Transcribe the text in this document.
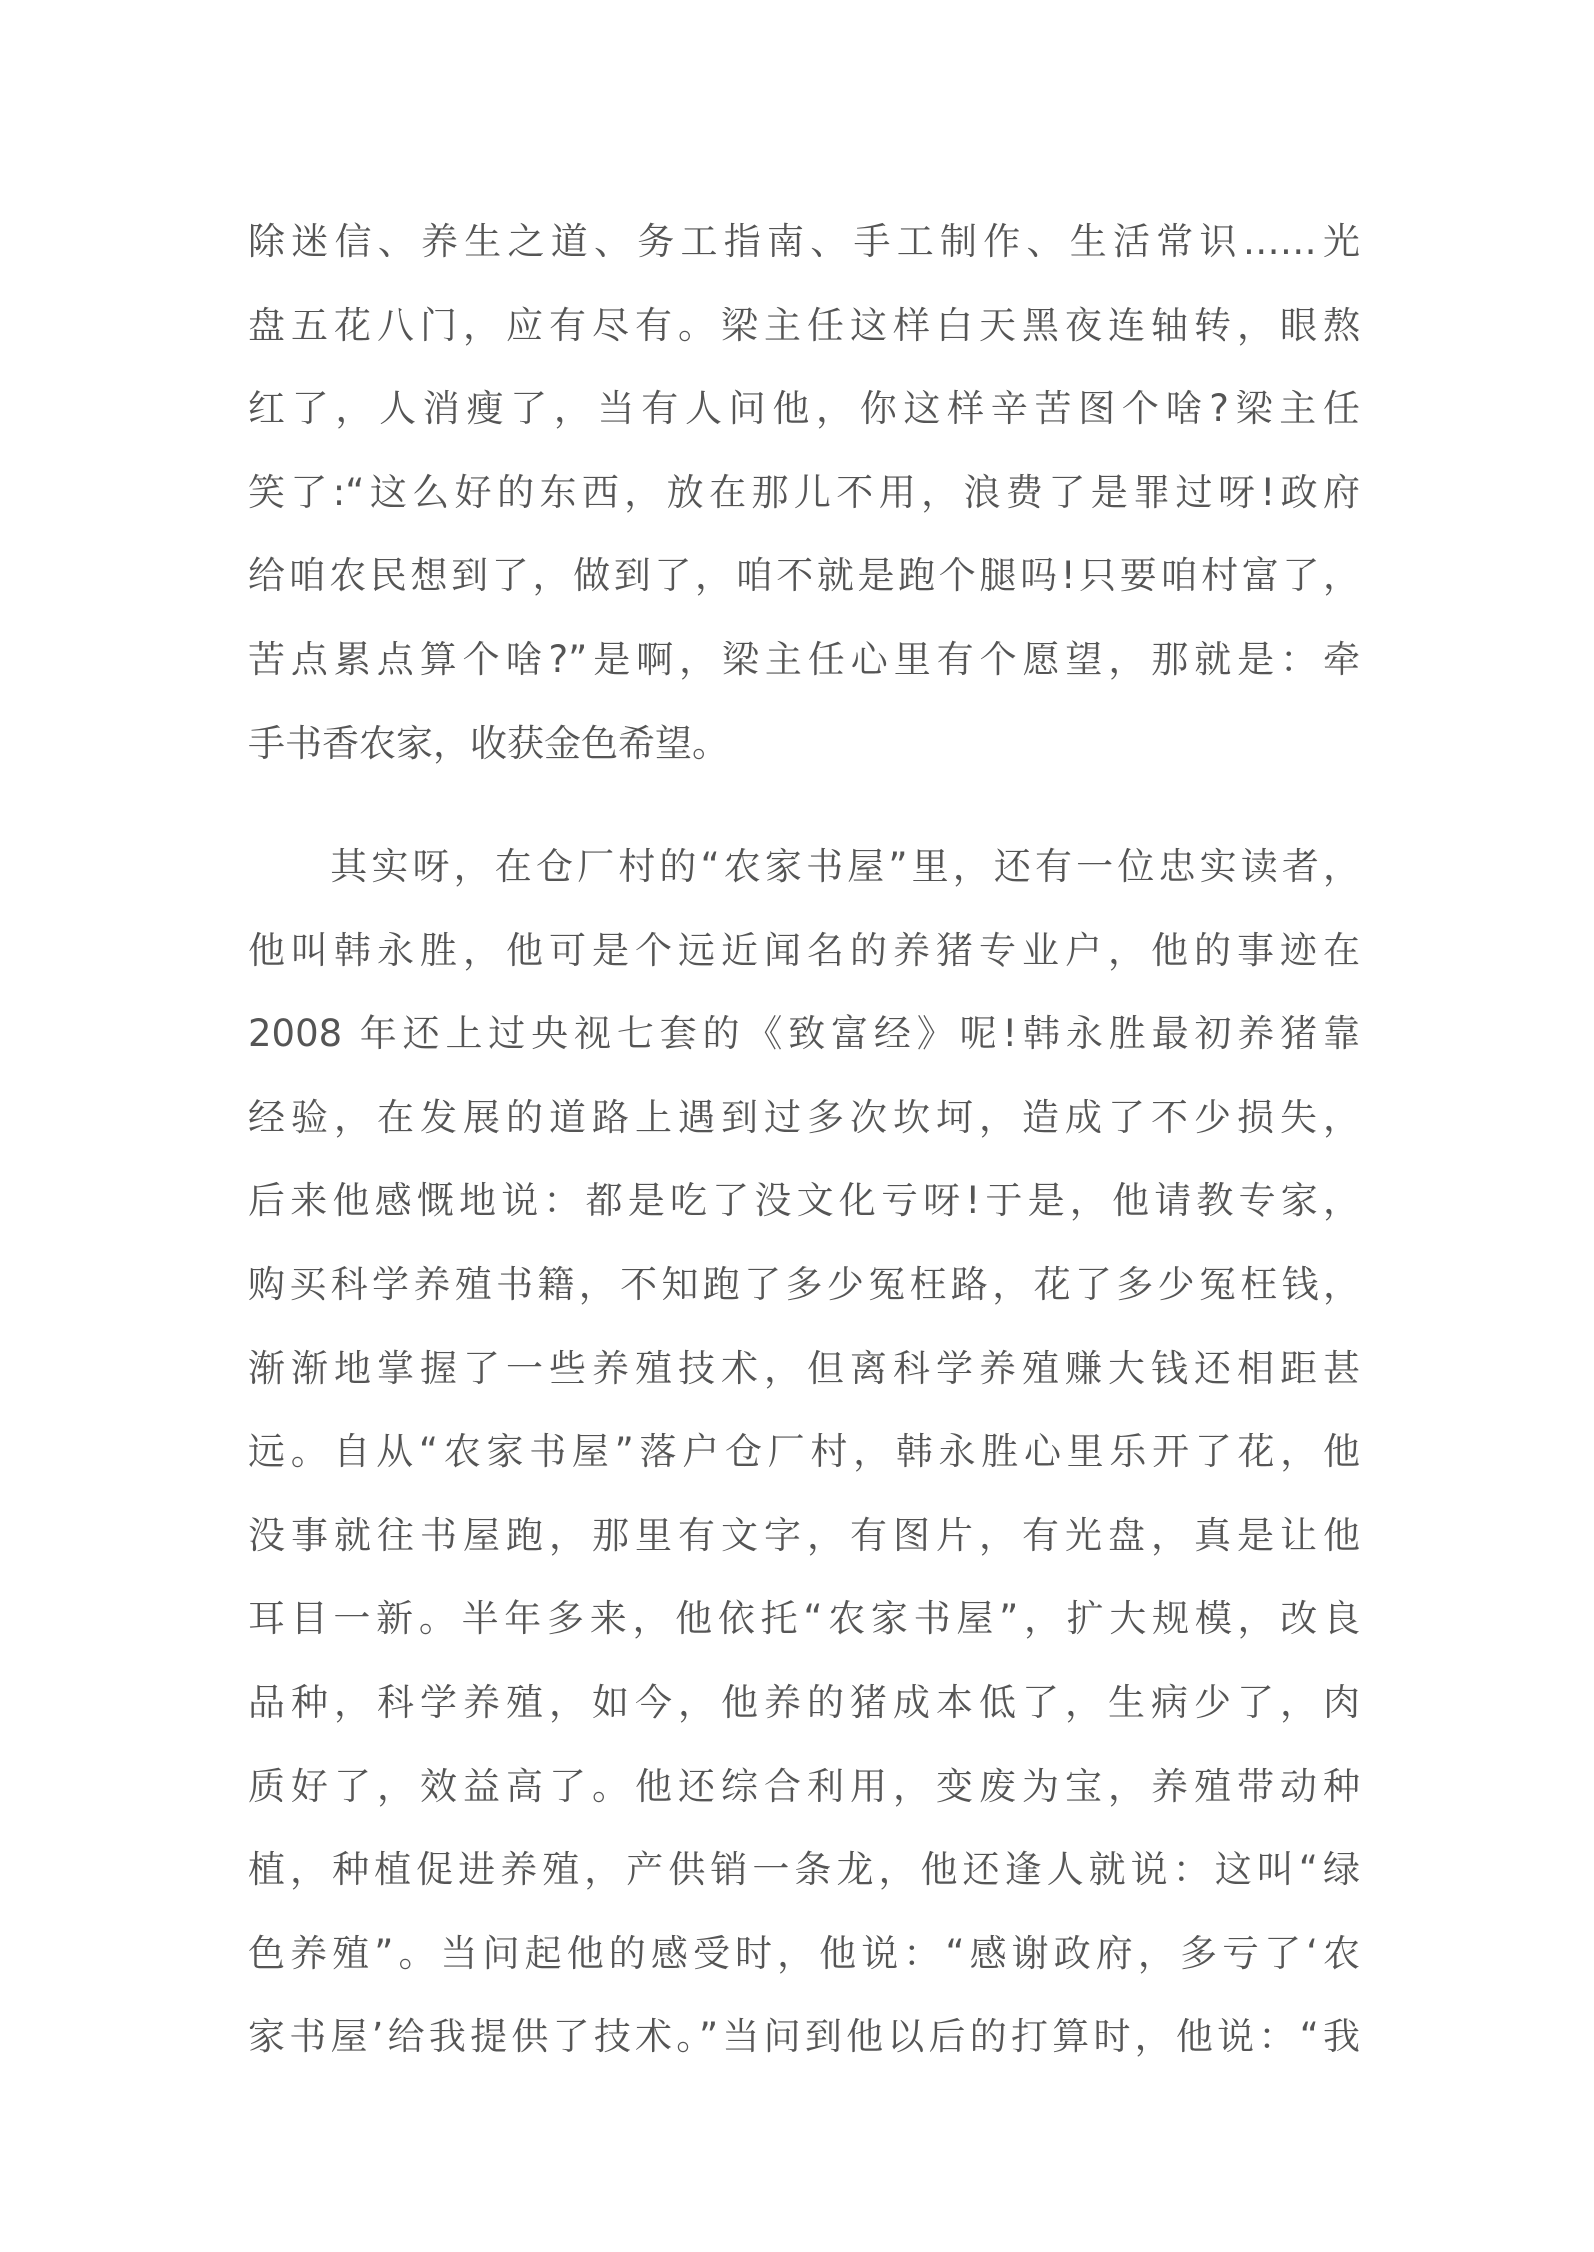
除迷信、养生之道、务工指南、手工制作、生活常识……光
盘五花八门，应有尽有。梁主任这样白天黑夜连轴转，眼熬
红了，人消瘦了，当有人问他，你这样辛苦图个啥?梁主任
笑了:“这么好的东西，放在那儿不用，浪费了是罪过呀!政府
给咱农民想到了，做到了，咱不就是跑个腿吗!只要咱村富了，
苦点累点算个啥?”是啊，梁主任心里有个愿望，那就是：牵
手书香农家，收获金色希望。
　　其实呀，在仓厂村的“农家书屋”里，还有一位忠实读者，
他叫韩永胜，他可是个远近闻名的养猪专业户，他的事迹在
2008 年还上过央视七套的《致富经》呢!韩永胜最初养猪靠
经验，在发展的道路上遇到过多次坎坷，造成了不少损失，
后来他感慨地说：都是吃了没文化亏呀!于是，他请教专家，
购买科学养殖书籍，不知跑了多少冤枉路，花了多少冤枉钱，
渐渐地掌握了一些养殖技术，但离科学养殖赚大钱还相距甚
远。自从“农家书屋”落户仓厂村，韩永胜心里乐开了花，他
没事就往书屋跑，那里有文字，有图片，有光盘，真是让他
耳目一新。半年多来，他依托“农家书屋”，扩大规模，改良
品种，科学养殖，如今，他养的猪成本低了，生病少了，肉
质好了，效益高了。他还综合利用，变废为宝，养殖带动种
植，种植促进养殖，产供销一条龙，他还逢人就说：这叫“绿
色养殖”。当问起他的感受时，他说：“感谢政府，多亏了‘农
家书屋’给我提供了技术。”当问到他以后的打算时，他说：“我
